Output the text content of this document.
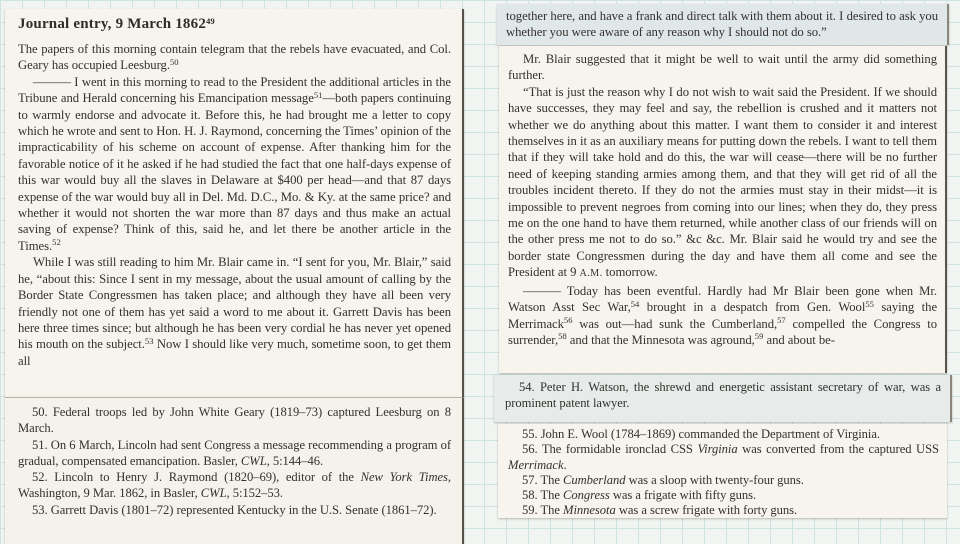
Journal entry, 9 March 1862$^{49}$

The papers of this morning contain telegram that the rebels have evacuated, and Col. Geary has occupied Leesburg.$^{50}$

——— I went in this morning to read to the President the additional articles in the Tribune and Herald concerning his Emancipation message$^{51}$—both papers continuing to warmly endorse and advocate it. Before this, he had brought me a letter to copy which he wrote and sent to Hon. H. J. Raymond, concerning the Times’ opinion of the impracticability of his scheme on account of expense. After thanking him for the favorable notice of it he asked if he had studied the fact that one half-days expense of this war would buy all the slaves in Delaware at $400 per head—and that 87 days expense of the war would buy all in Del. Md. D.C., Mo. & Ky. at the same price? and whether it would not shorten the war more than 87 days and thus make an actual saving of expense? Think of this, said he, and let there be another article in the Times.$^{52}$

While I was still reading to him Mr. Blair came in. “I sent for you, Mr. Blair,” said he, “about this: Since I sent in my message, about the usual amount of calling by the Border State Congressmen has taken place; and although they have all been very friendly not one of them has yet said a word to me about it. Garrett Davis has been here three times since; but although he has been very cordial he has never yet opened his mouth on the subject.$^{53}$ Now I should like very much, sometime soon, to get them all

50. Federal troops led by John White Geary (1819–73) captured Leesburg on 8 March.

51. On 6 March, Lincoln had sent Congress a message recommending a program of gradual, compensated emancipation. Basler, CWL, 5:144–46.

52. Lincoln to Henry J. Raymond (1820–69), editor of the New York Times, Washington, 9 Mar. 1862, in Basler, CWL, 5:152–53.

53. Garrett Davis (1801–72) represented Kentucky in the U.S. Senate (1861–72).

together here, and have a frank and direct talk with them about it. I desired to ask you whether you were aware of any reason why I should not do so.”

Mr. Blair suggested that it might be well to wait until the army did something further.

“That is just the reason why I do not wish to wait said the President. If we should have successes, they may feel and say, the rebellion is crushed and it matters not whether we do anything about this matter. I want them to consider it and interest themselves in it as an auxiliary means for putting down the rebels. I want to tell them that if they will take hold and do this, the war will cease—there will be no further need of keeping standing armies among them, and that they will get rid of all the troubles incident thereto. If they do not the armies must stay in their midst—it is impossible to prevent negroes from coming into our lines; when they do, they press me on the one hand to have them returned, while another class of our friends will on the other press me not to do so.” &c &c. Mr. Blair said he would try and see the border state Congressmen during the day and have them all come and see the President at 9 A.M. tomorrow.

——— Today has been eventful. Hardly had Mr Blair been gone when Mr. Watson Asst Sec War,$^{54}$ brought in a despatch from Gen. Wool$^{55}$ saying the Merrimack$^{56}$ was out—had sunk the Cumberland,$^{57}$ compelled the Congress to surrender,$^{58}$ and that the Minnesota was aground,$^{59}$ and about be-

54. Peter H. Watson, the shrewd and energetic assistant secretary of war, was a prominent patent lawyer.

55. John E. Wool (1784–1869) commanded the Department of Virginia.

56. The formidable ironclad CSS Virginia was converted from the captured USS Merrimack.

57. The Cumberland was a sloop with twenty-four guns.

58. The Congress was a frigate with fifty guns.

59. The Minnesota was a screw frigate with forty guns.
